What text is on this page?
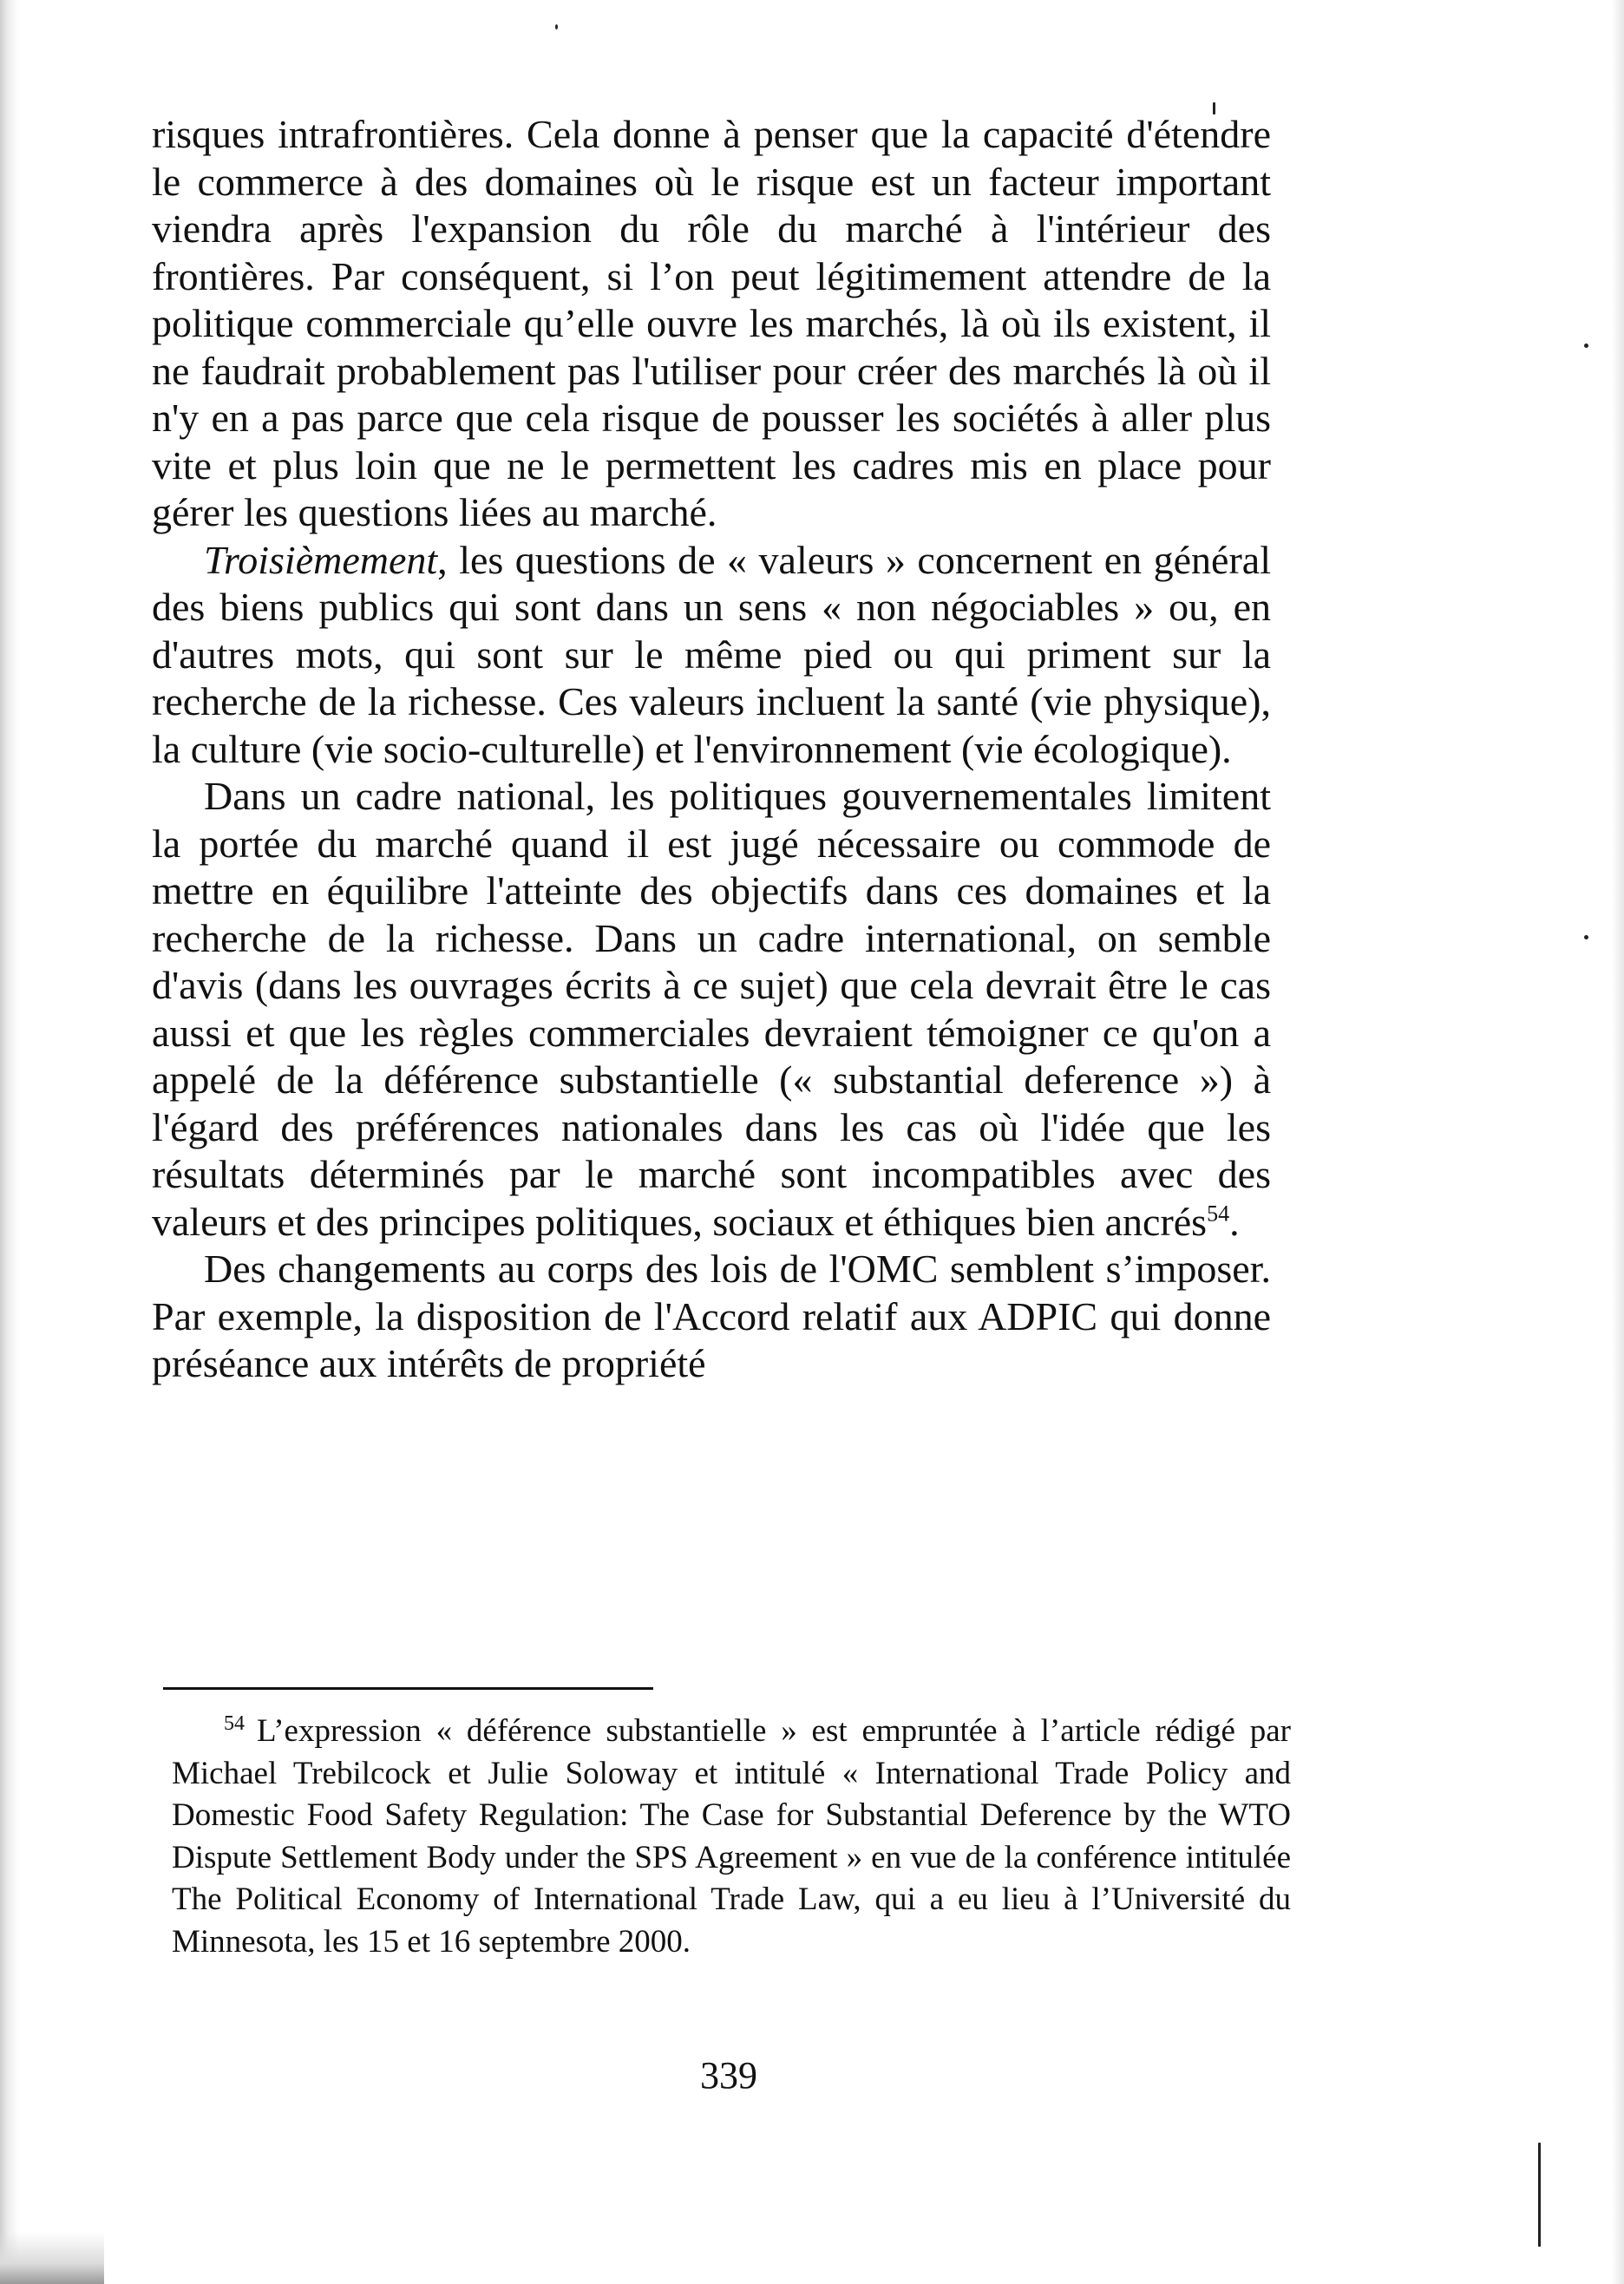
risques intrafrontières. Cela donne à penser que la capacité d'étendre le commerce à des domaines où le risque est un facteur important viendra après l'expansion du rôle du marché à l'intérieur des frontières. Par conséquent, si l’on peut légitimement attendre de la politique commerciale qu’elle ouvre les marchés, là où ils existent, il ne faudrait probablement pas l'utiliser pour créer des marchés là où il n'y en a pas parce que cela risque de pousser les sociétés à aller plus vite et plus loin que ne le permettent les cadres mis en place pour gérer les questions liées au marché.

Troisièmement, les questions de « valeurs » concernent en général des biens publics qui sont dans un sens « non négociables » ou, en d'autres mots, qui sont sur le même pied ou qui priment sur la recherche de la richesse. Ces valeurs incluent la santé (vie physique), la culture (vie socio-culturelle) et l'environnement (vie écologique).

Dans un cadre national, les politiques gouvernementales limitent la portée du marché quand il est jugé nécessaire ou commode de mettre en équilibre l'atteinte des objectifs dans ces domaines et la recherche de la richesse. Dans un cadre international, on semble d'avis (dans les ouvrages écrits à ce sujet) que cela devrait être le cas aussi et que les règles commerciales devraient témoigner ce qu'on a appelé de la déférence substantielle (« substantial deference ») à l'égard des préférences nationales dans les cas où l'idée que les résultats déterminés par le marché sont incompatibles avec des valeurs et des principes politiques, sociaux et éthiques bien ancrés$^{54}$.

Des changements au corps des lois de l'OMC semblent s’imposer. Par exemple, la disposition de l'Accord relatif aux ADPIC qui donne préséance aux intérêts de propriété

$^{54}$ L’expression « déférence substantielle » est empruntée à l’article rédigé par Michael Trebilcock et Julie Soloway et intitulé « International Trade Policy and Domestic Food Safety Regulation: The Case for Substantial Deference by the WTO Dispute Settlement Body under the SPS Agreement » en vue de la conférence intitulée The Political Economy of International Trade Law, qui a eu lieu à l’Université du Minnesota, les 15 et 16 septembre 2000.

339
